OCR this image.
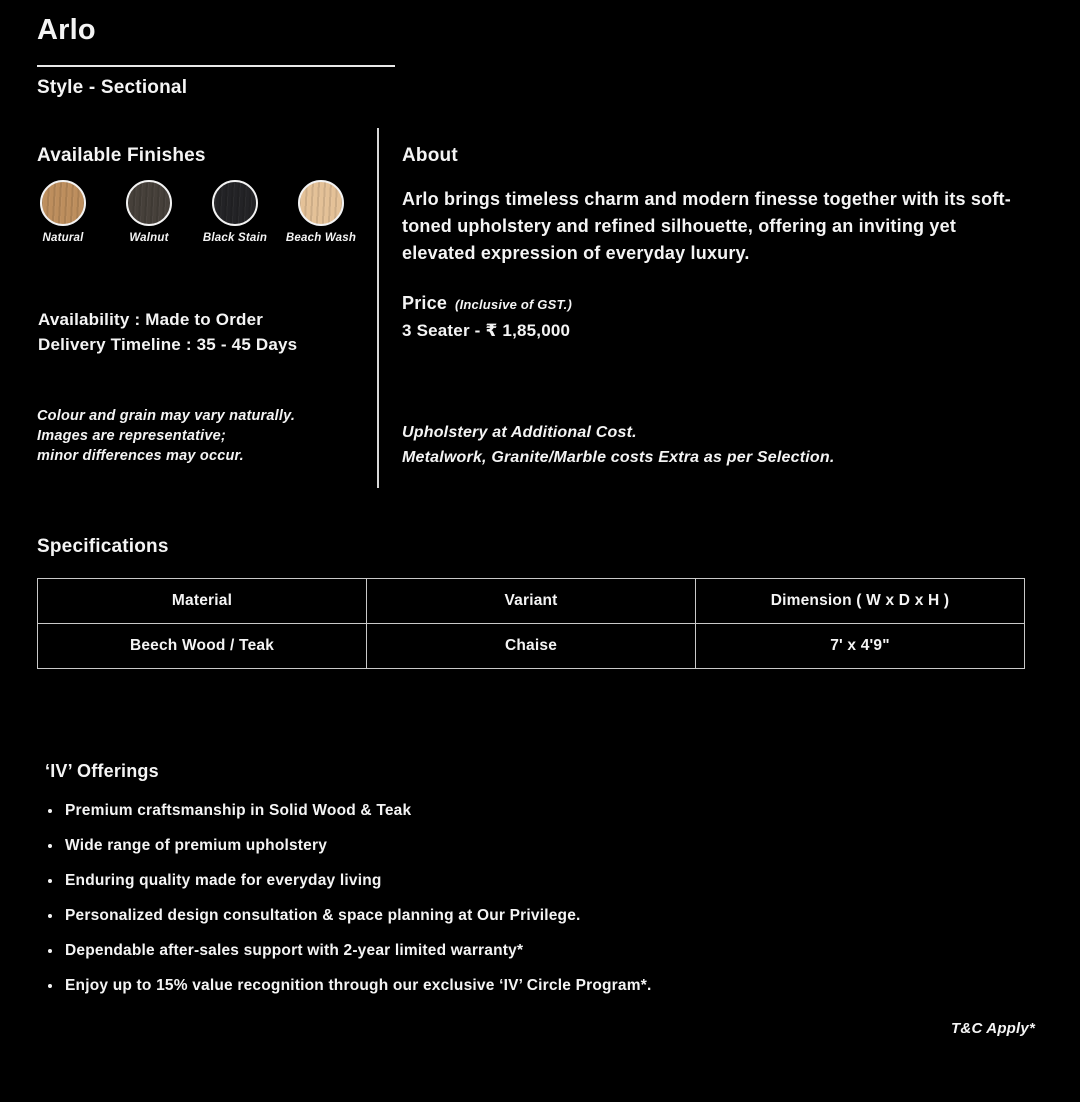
Arlo
Style - Sectional
Available Finishes
Natural	Walnut	Black Stain Beach Wash
Availability : Made to Order
Delivery Timeline : 35 - 45 Days
Colour and grain may vary naturally.
Images are representative;
minor differences may occur.
About

Arlo brings timeless charm and modern finesse together with its soft-toned upholstery and refined silhouette, offering an inviting yet elevated expression of everyday luxury.

Price (Inclusive of GST.)
3 Seater - ₹ 1,85,000
Upholstery at Additional Cost.
Metalwork, Granite/Marble costs Extra as per Selection.
Specifications
Material	Variant	Dimension ( W x D x H )
Beech Wood / Teak	Chaise	7' x 4'9"
‘IV’ Offerings
Premium craftsmanship in Solid Wood & Teak
Wide range of premium upholstery
Enduring quality made for everyday living
Personalized design consultation & space planning at Our Privilege.
Dependable after-sales support with 2-year limited warranty*
Enjoy up to 15% value recognition through our exclusive ‘IV’ Circle Program*.
T&C Apply*
